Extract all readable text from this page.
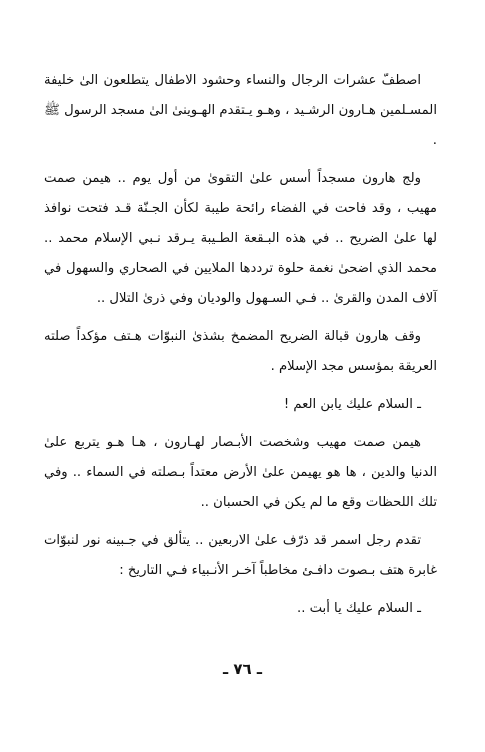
اصطفّ عشرات الرجال والنساء وحشود الاطفال يتطلعون الىٰ خليفة المسـلمين هـارون الرشـيد ، وهـو يـتقدم الهـوينىٰ الىٰ مسجد الرسول ﷺ .

ولج هارون مسجداً أسس علىٰ التقوىٰ من أول يوم .. هيمن صمت مهيب ، وقد فاحت في الفضاء رائحة طيبة لكأن الجـنّة قـد فتحت نوافذ لها علىٰ الضريح .. في هذه البـقعة الطـيبة يـرقد نـبي الإسلام محمد .. محمد الذي اضحىٰ نغمة حلوة ترددها الملايين في الصحاري والسهول في آلاف المدن والقرىٰ .. فـي السـهول والوديان وفي ذرىٰ التلال ..

وقف هارون قبالة الضريح المضمخ بشذىٰ النبوّات هـتف مؤكداً صلته العريقة بمؤسس مجد الإسلام .

ـ السلام عليك يابن العم !

هيمن صمت مهيب وشخصت الأبـصار لهـارون ، هـا هـو يتربع علىٰ الدنيا والدين ، ها هو يهيمن علىٰ الأرض معتداً بـصلته في السماء .. وفي تلك اللحظات وقع ما لم يكن في الحسبان ..

تقدم رجل اسمر قد ذرّف علىٰ الاربعين .. يتألق في جـبينه نور لنبوّات غابرة هتف بـصوت دافـئ مخاطباً آخـر الأنـبياء فـي التاريخ :

ـ السلام عليك يا أبت ..

ـ ٧٦ ـ
